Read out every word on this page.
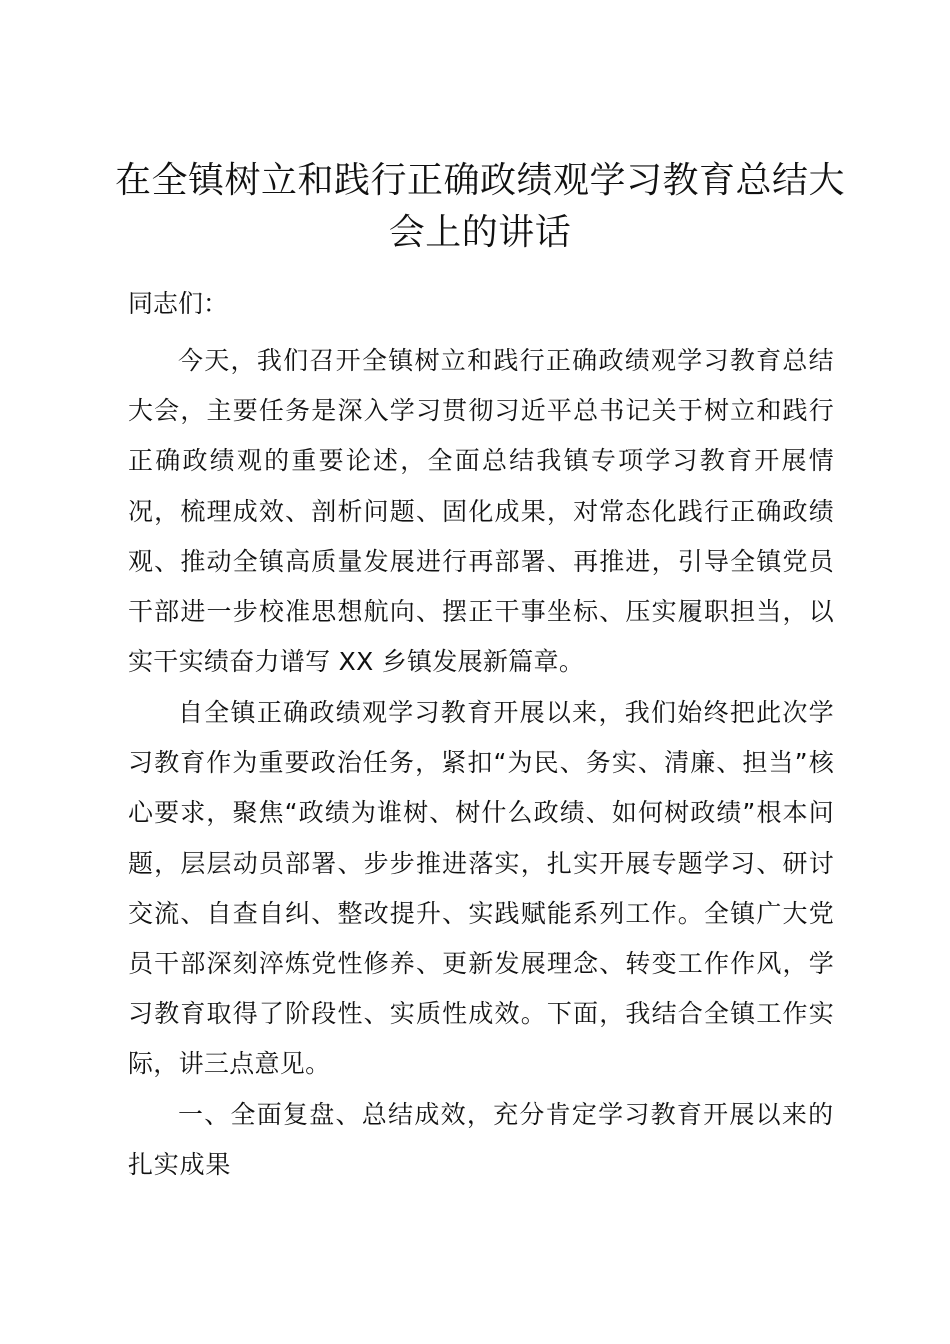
在全镇树立和践行正确政绩观学习教育总结大会上的讲话

同志们：

今天，我们召开全镇树立和践行正确政绩观学习教育总结大会，主要任务是深入学习贯彻习近平总书记关于树立和践行正确政绩观的重要论述，全面总结我镇专项学习教育开展情况，梳理成效、剖析问题、固化成果，对常态化践行正确政绩观、推动全镇高质量发展进行再部署、再推进，引导全镇党员干部进一步校准思想航向、摆正干事坐标、压实履职担当，以实干实绩奋力谱写 XX 乡镇发展新篇章。

自全镇正确政绩观学习教育开展以来，我们始终把此次学习教育作为重要政治任务，紧扣“为民、务实、清廉、担当”核心要求，聚焦“政绩为谁树、树什么政绩、如何树政绩”根本问题，层层动员部署、步步推进落实，扎实开展专题学习、研讨交流、自查自纠、整改提升、实践赋能系列工作。全镇广大党员干部深刻淬炼党性修养、更新发展理念、转变工作作风，学习教育取得了阶段性、实质性成效。下面，我结合全镇工作实际，讲三点意见。

一、全面复盘、总结成效，充分肯定学习教育开展以来的扎实成果
